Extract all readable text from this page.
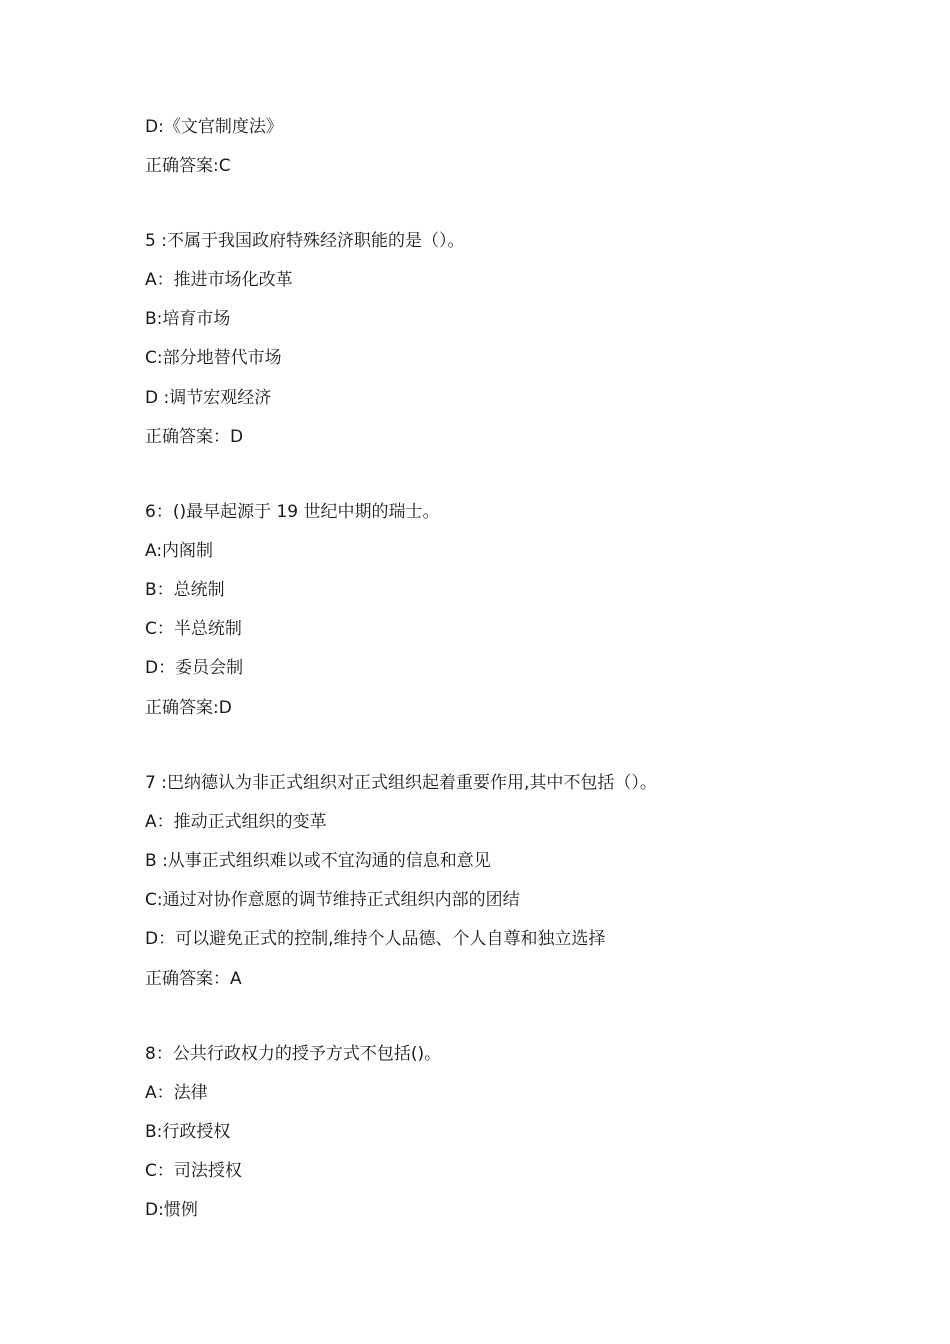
D:《文官制度法》
正确答案:C
5 :不属于我国政府特殊经济职能的是（）。
A：推进市场化改革
B:培育市场
C:部分地替代市场
D :调节宏观经济
正确答案：D
6：()最早起源于 19 世纪中期的瑞士。
A:内阁制
B：总统制
C：半总统制
D：委员会制
正确答案:D
7 :巴纳德认为非正式组织对正式组织起着重要作用,其中不包括（）。
A：推动正式组织的变革
B :从事正式组织难以或不宜沟通的信息和意见
C:通过对协作意愿的调节维持正式组织内部的团结
D：可以避免正式的控制,维持个人品德、个人自尊和独立选择
正确答案：A
8：公共行政权力的授予方式不包括()。
A：法律
B:行政授权
C：司法授权
D:惯例
